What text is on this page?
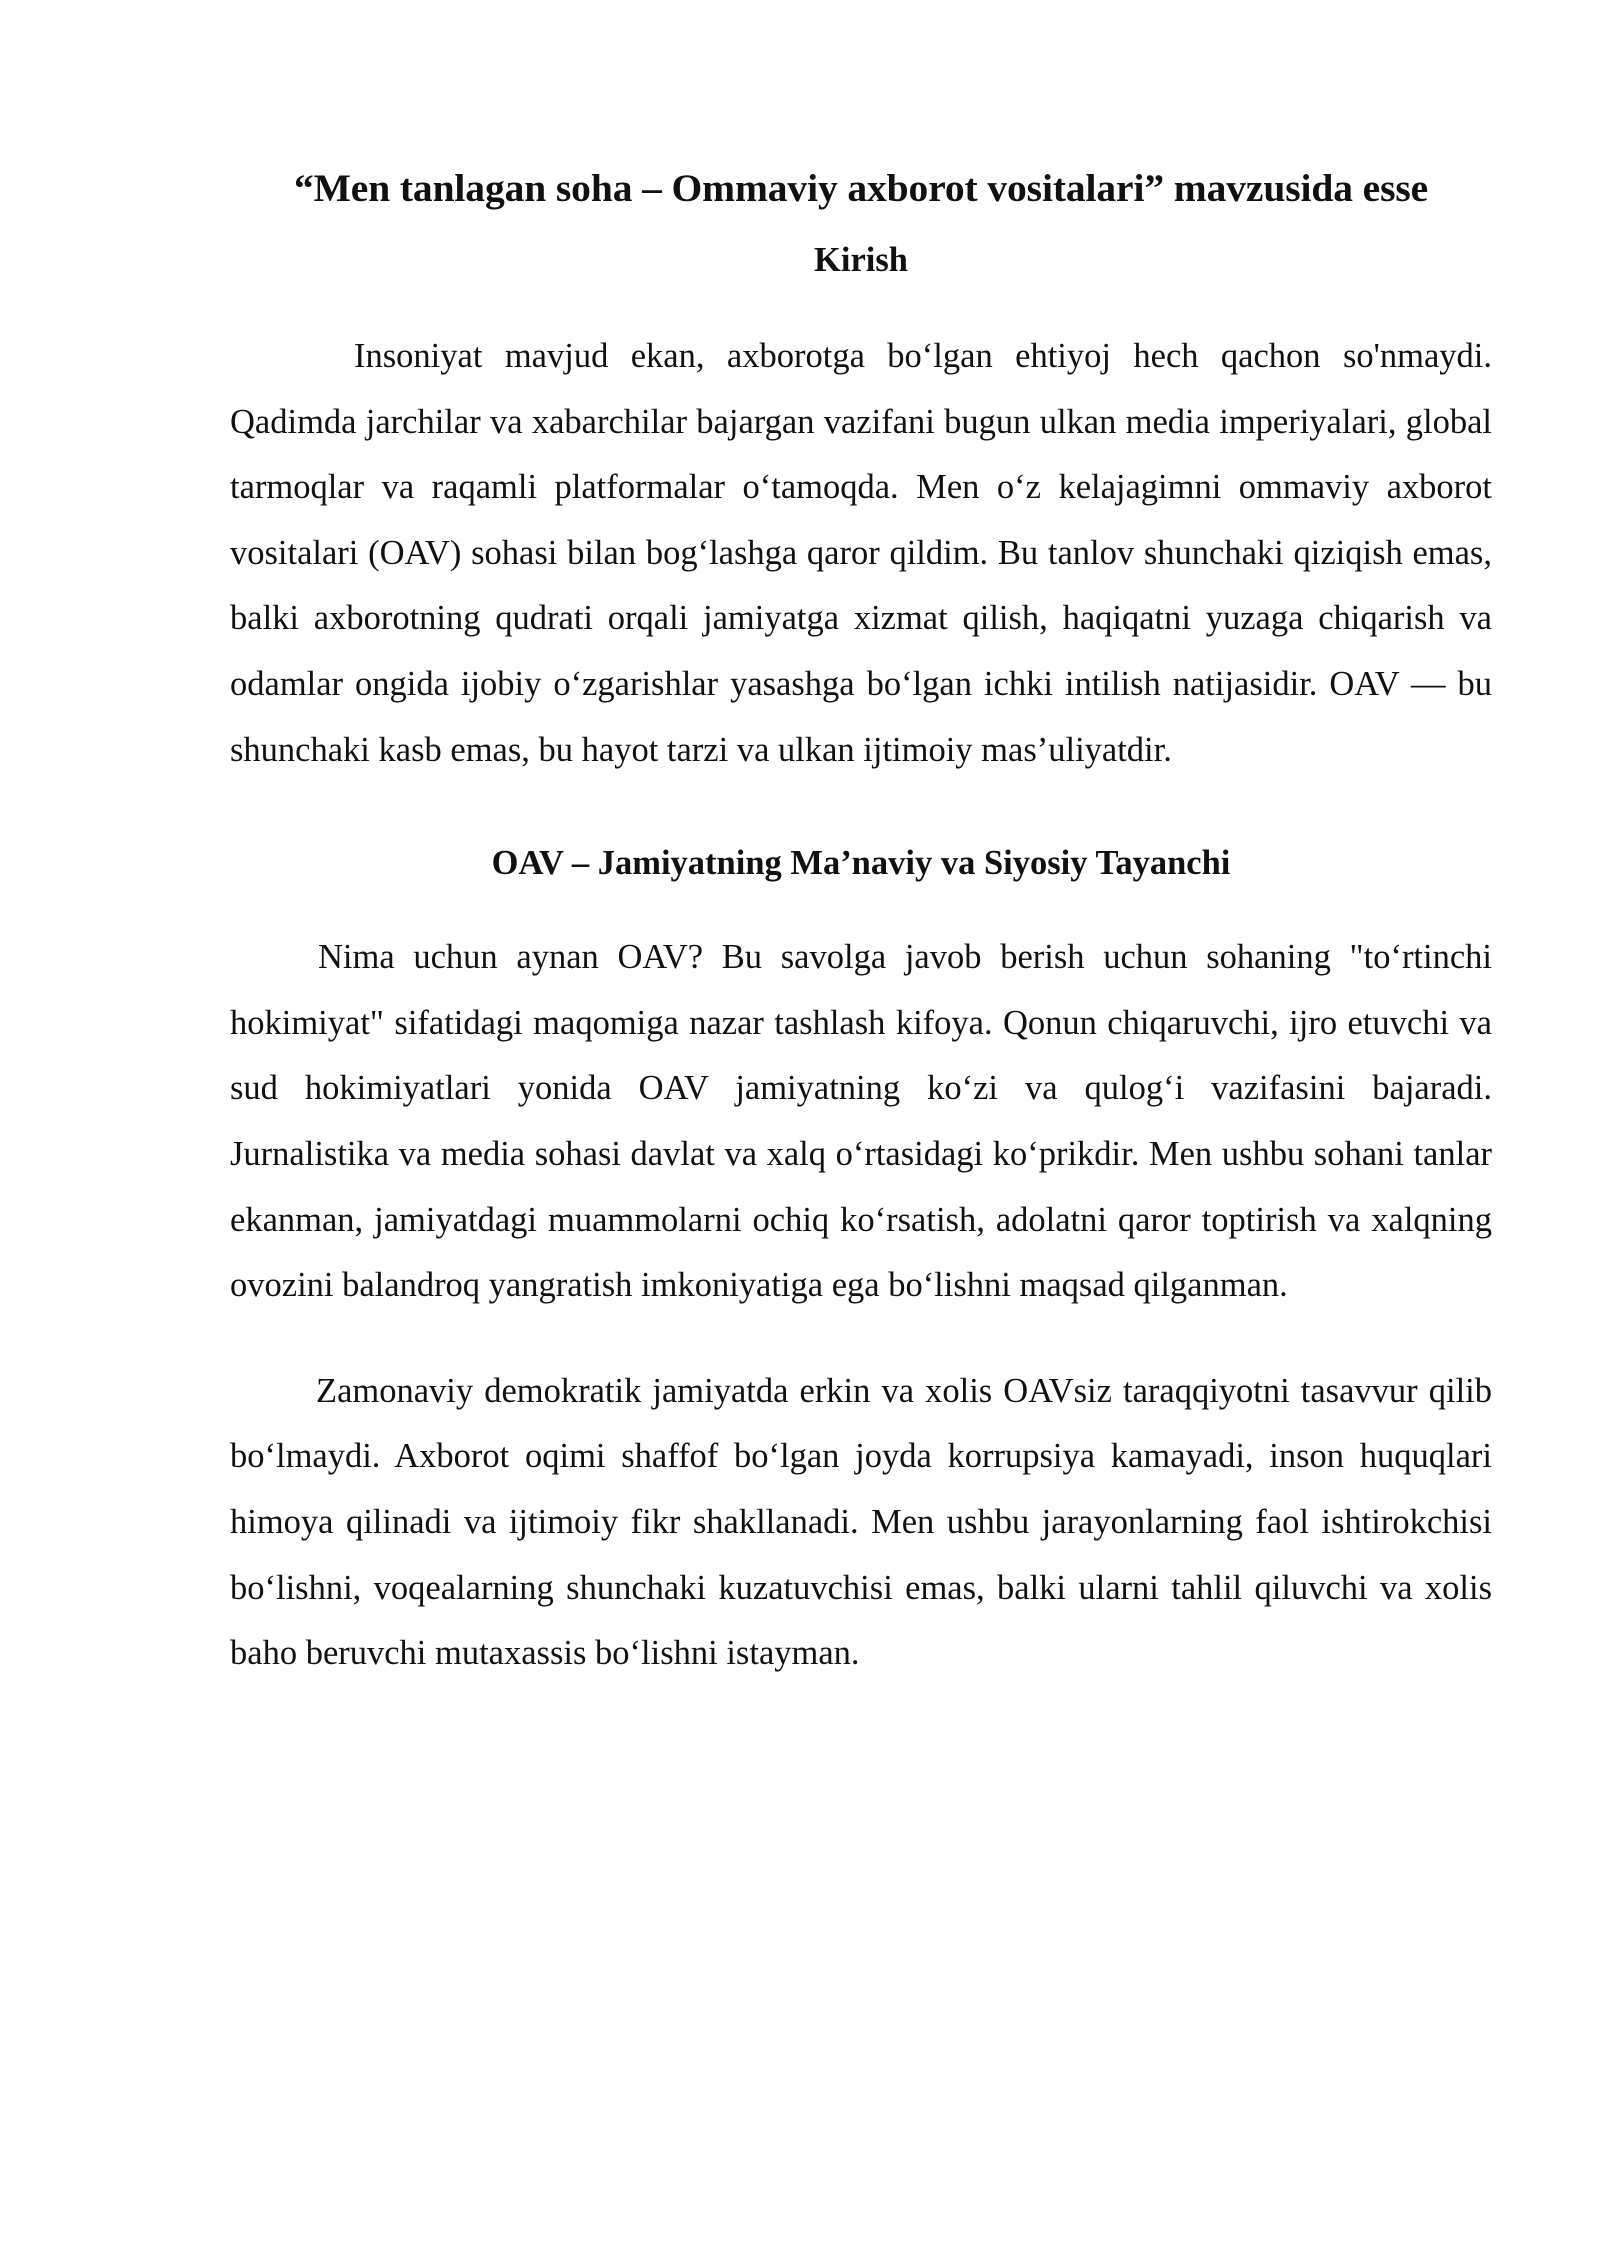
“Men tanlagan soha – Ommaviy axborot vositalari” mavzusida esse
Kirish

Insoniyat mavjud ekan, axborotga bo‘lgan ehtiyoj hech qachon so'nmaydi. Qadimda jarchilar va xabarchilar bajargan vazifani bugun ulkan media imperiyalari, global tarmoqlar va raqamli platformalar o‘tamoqda. Men o‘z kelajagimni ommaviy axborot vositalari (OAV) sohasi bilan bog‘lashga qaror qildim. Bu tanlov shunchaki qiziqish emas, balki axborotning qudrati orqali jamiyatga xizmat qilish, haqiqatni yuzaga chiqarish va odamlar ongida ijobiy o‘zgarishlar yasashga bo‘lgan ichki intilish natijasidir. OAV — bu shunchaki kasb emas, bu hayot tarzi va ulkan ijtimoiy mas’uliyatdir.

OAV – Jamiyatning Ma’naviy va Siyosiy Tayanchi

Nima uchun aynan OAV? Bu savolga javob berish uchun sohaning "to‘rtinchi hokimiyat" sifatidagi maqomiga nazar tashlash kifoya. Qonun chiqaruvchi, ijro etuvchi va sud hokimiyatlari yonida OAV jamiyatning ko‘zi va qulog‘i vazifasini bajaradi. Jurnalistika va media sohasi davlat va xalq o‘rtasidagi ko‘prikdir. Men ushbu sohani tanlar ekanman, jamiyatdagi muammolarni ochiq ko‘rsatish, adolatni qaror toptirish va xalqning ovozini balandroq yangratish imkoniyatiga ega bo‘lishni maqsad qilganman.

Zamonaviy demokratik jamiyatda erkin va xolis OAVsiz taraqqiyotni tasavvur qilib bo‘lmaydi. Axborot oqimi shaffof bo‘lgan joyda korrupsiya kamayadi, inson huquqlari himoya qilinadi va ijtimoiy fikr shakllanadi. Men ushbu jarayonlarning faol ishtirokchisi bo‘lishni, voqealarning shunchaki kuzatuvchisi emas, balki ularni tahlil qiluvchi va xolis baho beruvchi mutaxassis bo‘lishni istayman.
